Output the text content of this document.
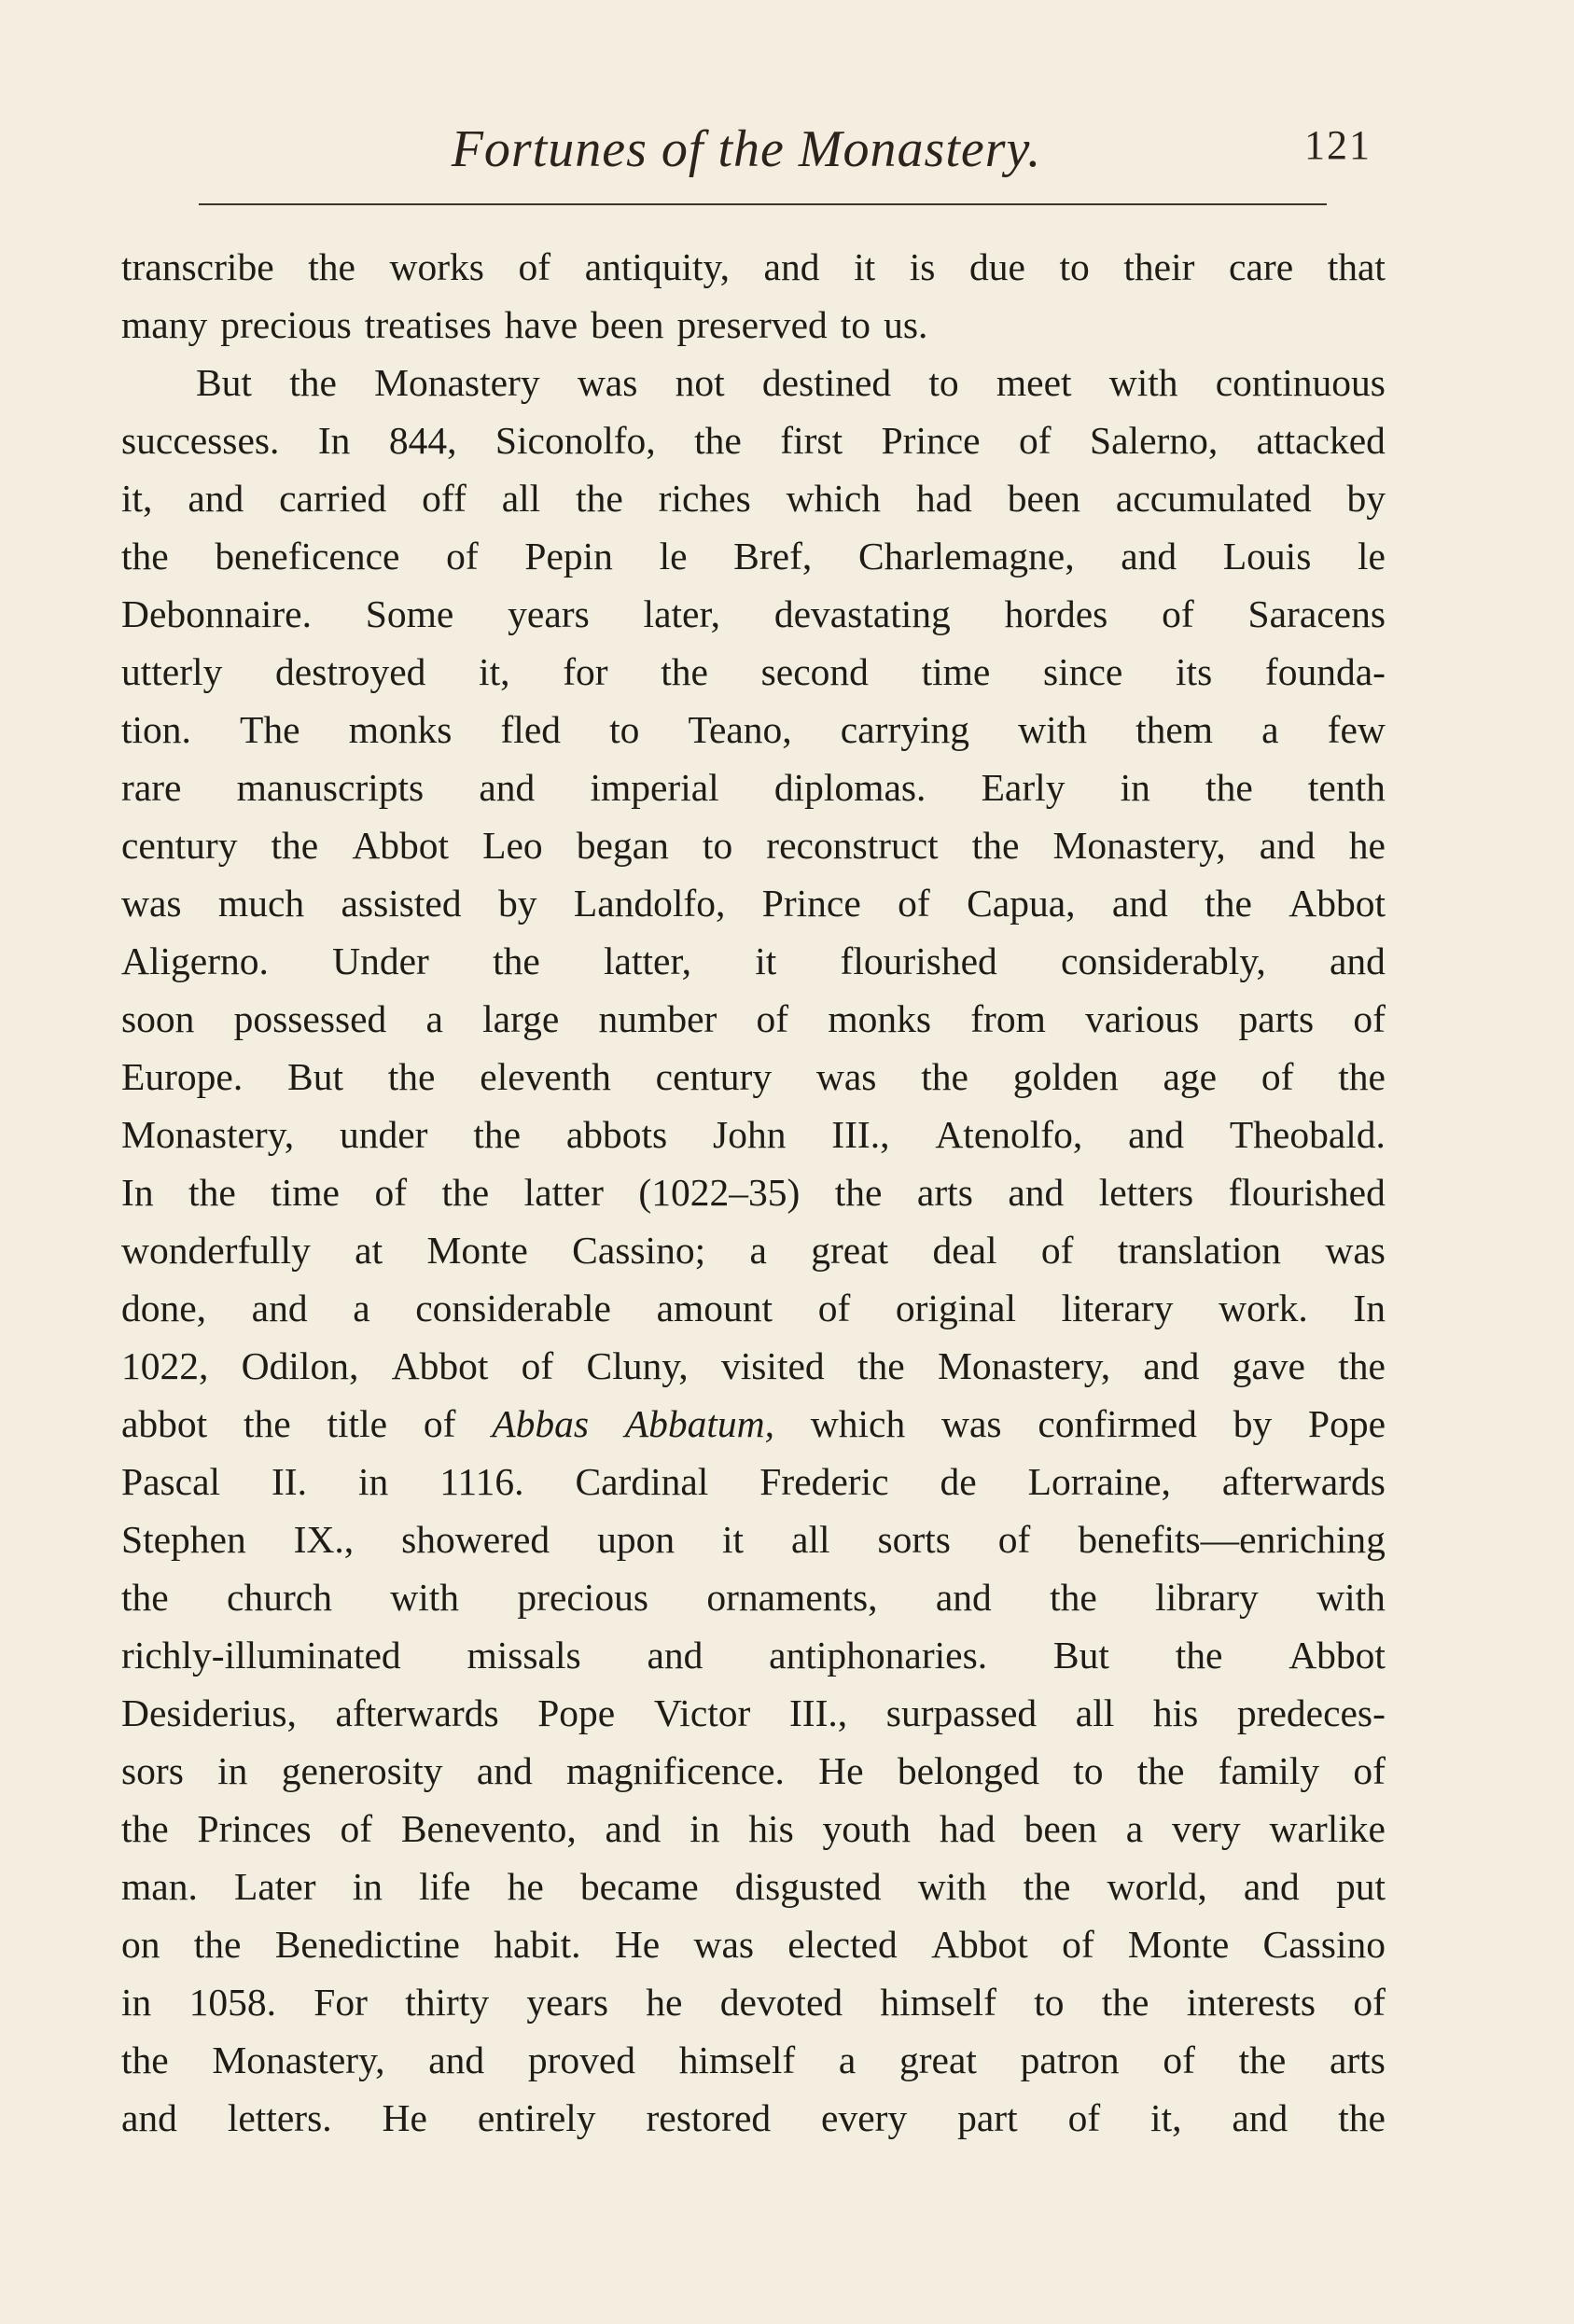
Fortunes of the Monastery.	121
transcribe the works of antiquity, and it is due to their care that
many precious treatises have been preserved to us.
But the Monastery was not destined to meet with continuous
successes. In 844, Siconolfo, the first Prince of Salerno, attacked
it, and carried off all the riches which had been accumulated by
the beneficence of Pepin le Bref, Charlemagne, and Louis le
Debonnaire. Some years later, devastating hordes of Saracens
utterly destroyed it, for the second time since its founda-
tion. The monks fled to Teano, carrying with them a few
rare manuscripts and imperial diplomas. Early in the tenth
century the Abbot Leo began to reconstruct the Monastery, and he
was much assisted by Landolfo, Prince of Capua, and the Abbot
Aligerno. Under the latter, it flourished considerably, and
soon possessed a large number of monks from various parts of
Europe. But the eleventh century was the golden age of the
Monastery, under the abbots John III., Atenolfo, and Theobald.
In the time of the latter (1022–35) the arts and letters flourished
wonderfully at Monte Cassino; a great deal of translation was
done, and a considerable amount of original literary work. In
1022, Odilon, Abbot of Cluny, visited the Monastery, and gave the
abbot the title of Abbas Abbatum, which was confirmed by Pope
Pascal II. in 1116. Cardinal Frederic de Lorraine, afterwards
Stephen IX., showered upon it all sorts of benefits—enriching
the church with precious ornaments, and the library with
richly-illuminated missals and antiphonaries. But the Abbot
Desiderius, afterwards Pope Victor III., surpassed all his predeces-
sors in generosity and magnificence. He belonged to the family of
the Princes of Benevento, and in his youth had been a very warlike
man. Later in life he became disgusted with the world, and put
on the Benedictine habit. He was elected Abbot of Monte Cassino
in 1058. For thirty years he devoted himself to the interests of
the Monastery, and proved himself a great patron of the arts
and letters. He entirely restored every part of it, and the
